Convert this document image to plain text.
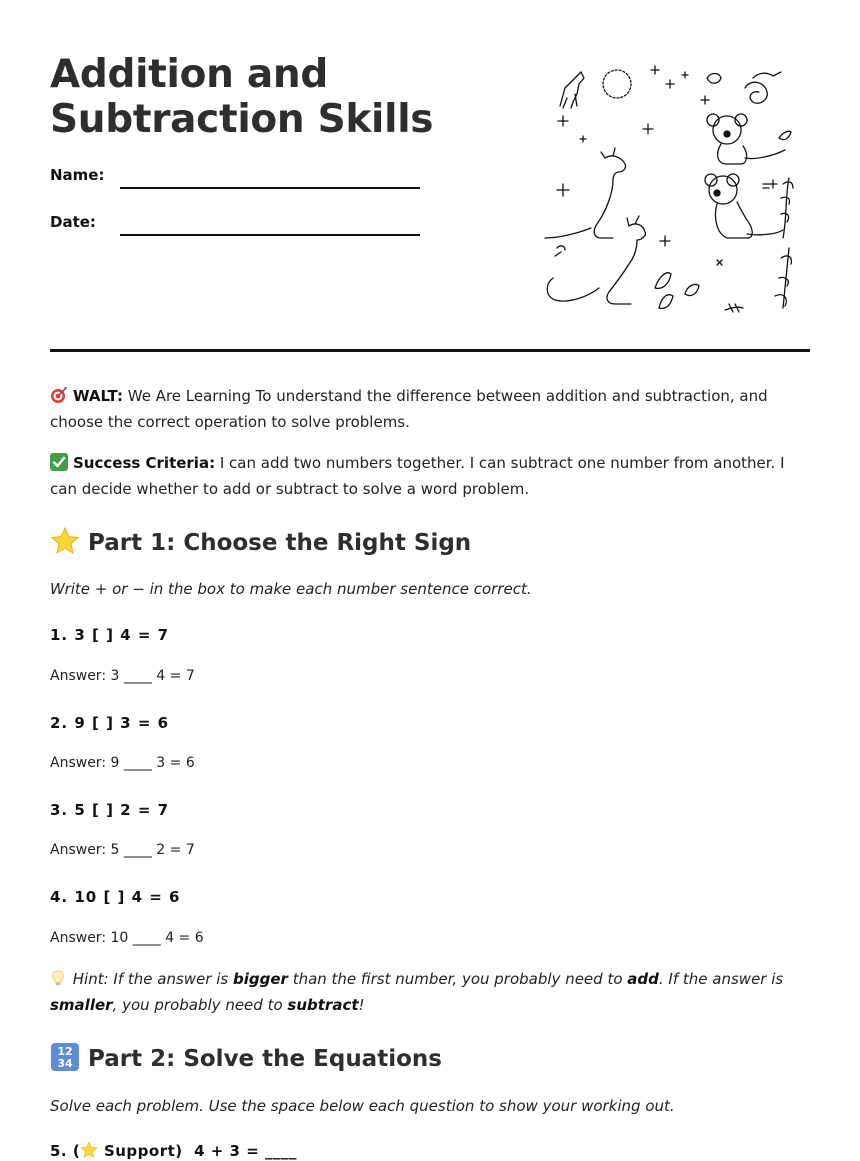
Addition and
Subtraction Skills
Name:
Date:
WALT: We Are Learning To understand the difference between addition and subtraction, and choose the correct operation to solve problems.
Success Criteria: I can add two numbers together. I can subtract one number from another. I can decide whether to add or subtract to solve a word problem.
Part 1: Choose the Right Sign
Write + or − in the box to make each number sentence correct.
1. 3 [ ] 4 = 7
Answer: 3 ____ 4 = 7
2. 9 [ ] 3 = 6
Answer: 9 ____ 3 = 6
3. 5 [ ] 2 = 7
Answer: 5 ____ 2 = 7
4. 10 [ ] 4 = 6
Answer: 10 ____ 4 = 6
Hint: If the answer is bigger than the first number, you probably need to add. If the answer is smaller, you probably need to subtract!
12
34 Part 2: Solve the Equations
Solve each problem. Use the space below each question to show your working out.
5. ( Support)  4 + 3 = ____
